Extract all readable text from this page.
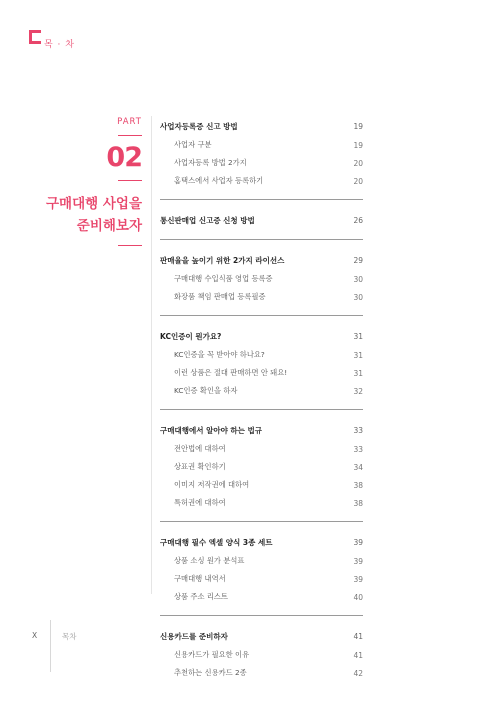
목 · 차
PART
02
구매대행 사업을
준비해보자
사업자등록증 신고 방법	19
사업자 구분	19
사업자등록 방법 2가지	20
홈택스에서 사업자 등록하기	20
통신판매업 신고증 신청 방법	26
판매율을 높이기 위한 2가지 라이선스	29
구매대행 수입식품 영업 등록증	30
화장품 책임 판매업 등록필증	30
KC인증이 뭔가요?	31
KC인증을 꼭 받아야 하나요?	31
이런 상품은 절대 판매하면 안 돼요!	31
KC인증 확인을 하자	32
구매대행에서 알아야 하는 법규	33
전안법에 대하여	33
상표권 확인하기	34
이미지 저작권에 대하여	38
특허권에 대하여	38
구매대행 필수 엑셀 양식 3종 세트	39
상품 소싱 원가 분석표	39
구매대행 내역서	39
상품 주소 리스트	40
신용카드를 준비하자	41
신용카드가 필요한 이유	41
추천하는 신용카드 2종	42
X	목차
